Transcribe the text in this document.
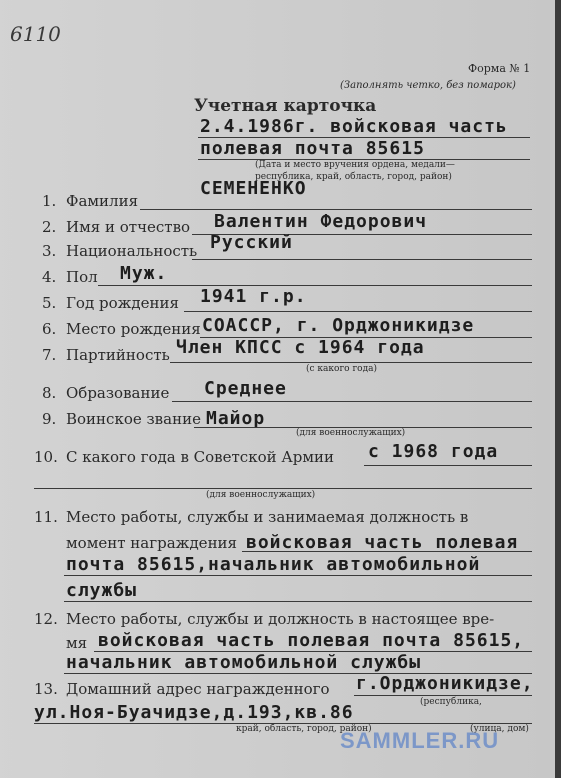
6110
Форма № 1
(Заполнять четко, без помарок)
Учетная карточка
2.4.1986г. войсковая часть
полевая почта 85615
(Дата и место вручения ордена, медали—
республика, край, область, город, район)
1. Фамилия
СЕМЕНЕНКО
2. Имя и отчество Валентин Федорович
3. Национальность Русский
4. Пол Муж.
5. Год рождения 1941 г.р.
6. Место рождения СОАССР, г. Орджоникидзе
7. Партийность Член КПСС с 1964 года
(с какого года)
8. Образование Среднее
9. Воинское звание Майор
(для военнослужащих)
10. С какого года в Советской Армии с 1968 года
(для военнослужащих)
11. Место работы, службы и занимаемая должность в
момент награждения войсковая часть полевая
почта 85615,начальник автомобильной
службы
12. Место работы, службы и должность в настоящее вре-
мя войсковая часть полевая почта 85615,
начальник автомобильной службы
13. Домашний адрес награжденного г.Орджоникидзе,
(республика,
ул.Ноя-Буачидзе,д.193,кв.86
край, область, город, район)	(улица, дом)
SAMMLER.RU
